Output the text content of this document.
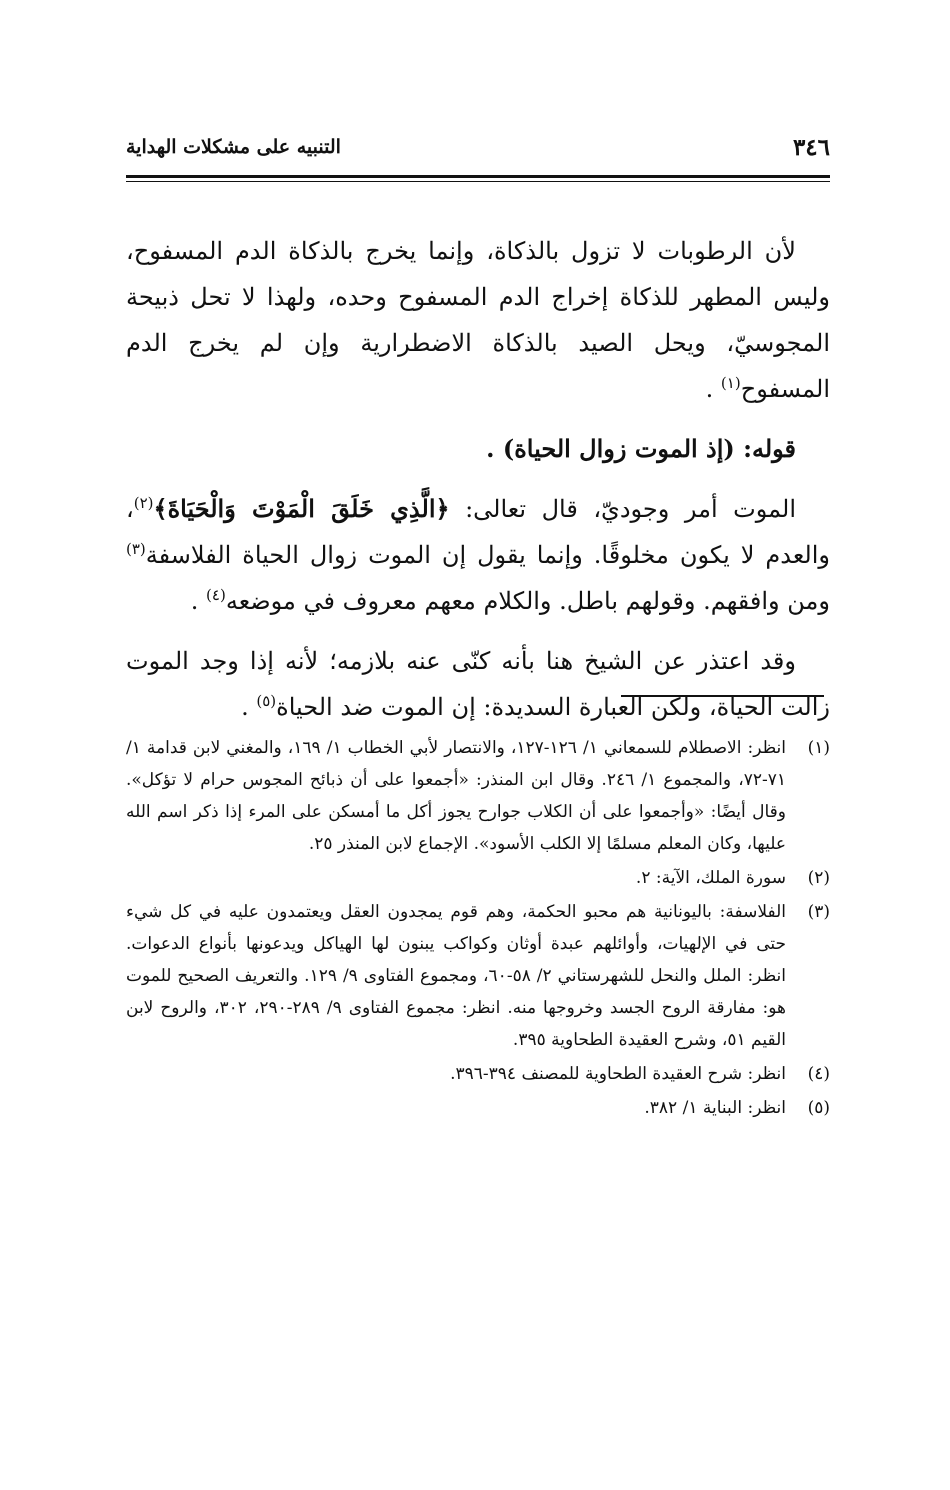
٣٤٦
التنبيه على مشكلات الهداية

لأن الرطوبات لا تزول بالذكاة، وإنما يخرج بالذكاة الدم المسفوح، وليس المطهر للذكاة إخراج الدم المسفوح وحده، ولهذا لا تحل ذبيحة المجوسيّ، ويحل الصيد بالذكاة الاضطرارية وإن لم يخرج الدم المسفوح$^{(١)}$ .

قوله: (إذ الموت زوال الحياة) .

الموت أمر وجوديّ، قال تعالى: ﴿الَّذِي خَلَقَ الْمَوْتَ وَالْحَيَاةَ﴾$^{(٢)}$، والعدم لا يكون مخلوقًا. وإنما يقول إن الموت زوال الحياة الفلاسفة$^{(٣)}$ ومن وافقهم. وقولهم باطل. والكلام معهم معروف في موضعه$^{(٤)}$ .

وقد اعتذر عن الشيخ هنا بأنه كنّى عنه بلازمه؛ لأنه إذا وجد الموت زالت الحياة، ولكن العبارة السديدة: إن الموت ضد الحياة$^{(٥)}$ .

(١)
انظر: الاصطلام للسمعاني ١/ ١٢٦-١٢٧، والانتصار لأبي الخطاب ١/ ١٦٩، والمغني لابن قدامة ١/ ٧١-٧٢، والمجموع ١/ ٢٤٦. وقال ابن المنذر: «أجمعوا على أن ذبائح المجوس حرام لا تؤكل». وقال أيضًا: «وأجمعوا على أن الكلاب جوارح يجوز أكل ما أمسكن على المرء إذا ذكر اسم الله عليها، وكان المعلم مسلمًا إلا الكلب الأسود». الإجماع لابن المنذر ٢٥.
(٢)
سورة الملك، الآية: ٢.
(٣)
الفلاسفة: باليونانية هم محبو الحكمة، وهم قوم يمجدون العقل ويعتمدون عليه في كل شيء حتى في الإلهيات، وأوائلهم عبدة أوثان وكواكب يبنون لها الهياكل ويدعونها بأنواع الدعوات. انظر: الملل والنحل للشهرستاني ٢/ ٥٨-٦٠، ومجموع الفتاوى ٩/ ١٢٩. والتعريف الصحيح للموت هو: مفارقة الروح الجسد وخروجها منه. انظر: مجموع الفتاوى ٩/ ٢٨٩-٢٩٠، ٣٠٢، والروح لابن القيم ٥١، وشرح العقيدة الطحاوية ٣٩٥.
(٤)
انظر: شرح العقيدة الطحاوية للمصنف ٣٩٤-٣٩٦.
(٥)
انظر: البناية ١/ ٣٨٢.
